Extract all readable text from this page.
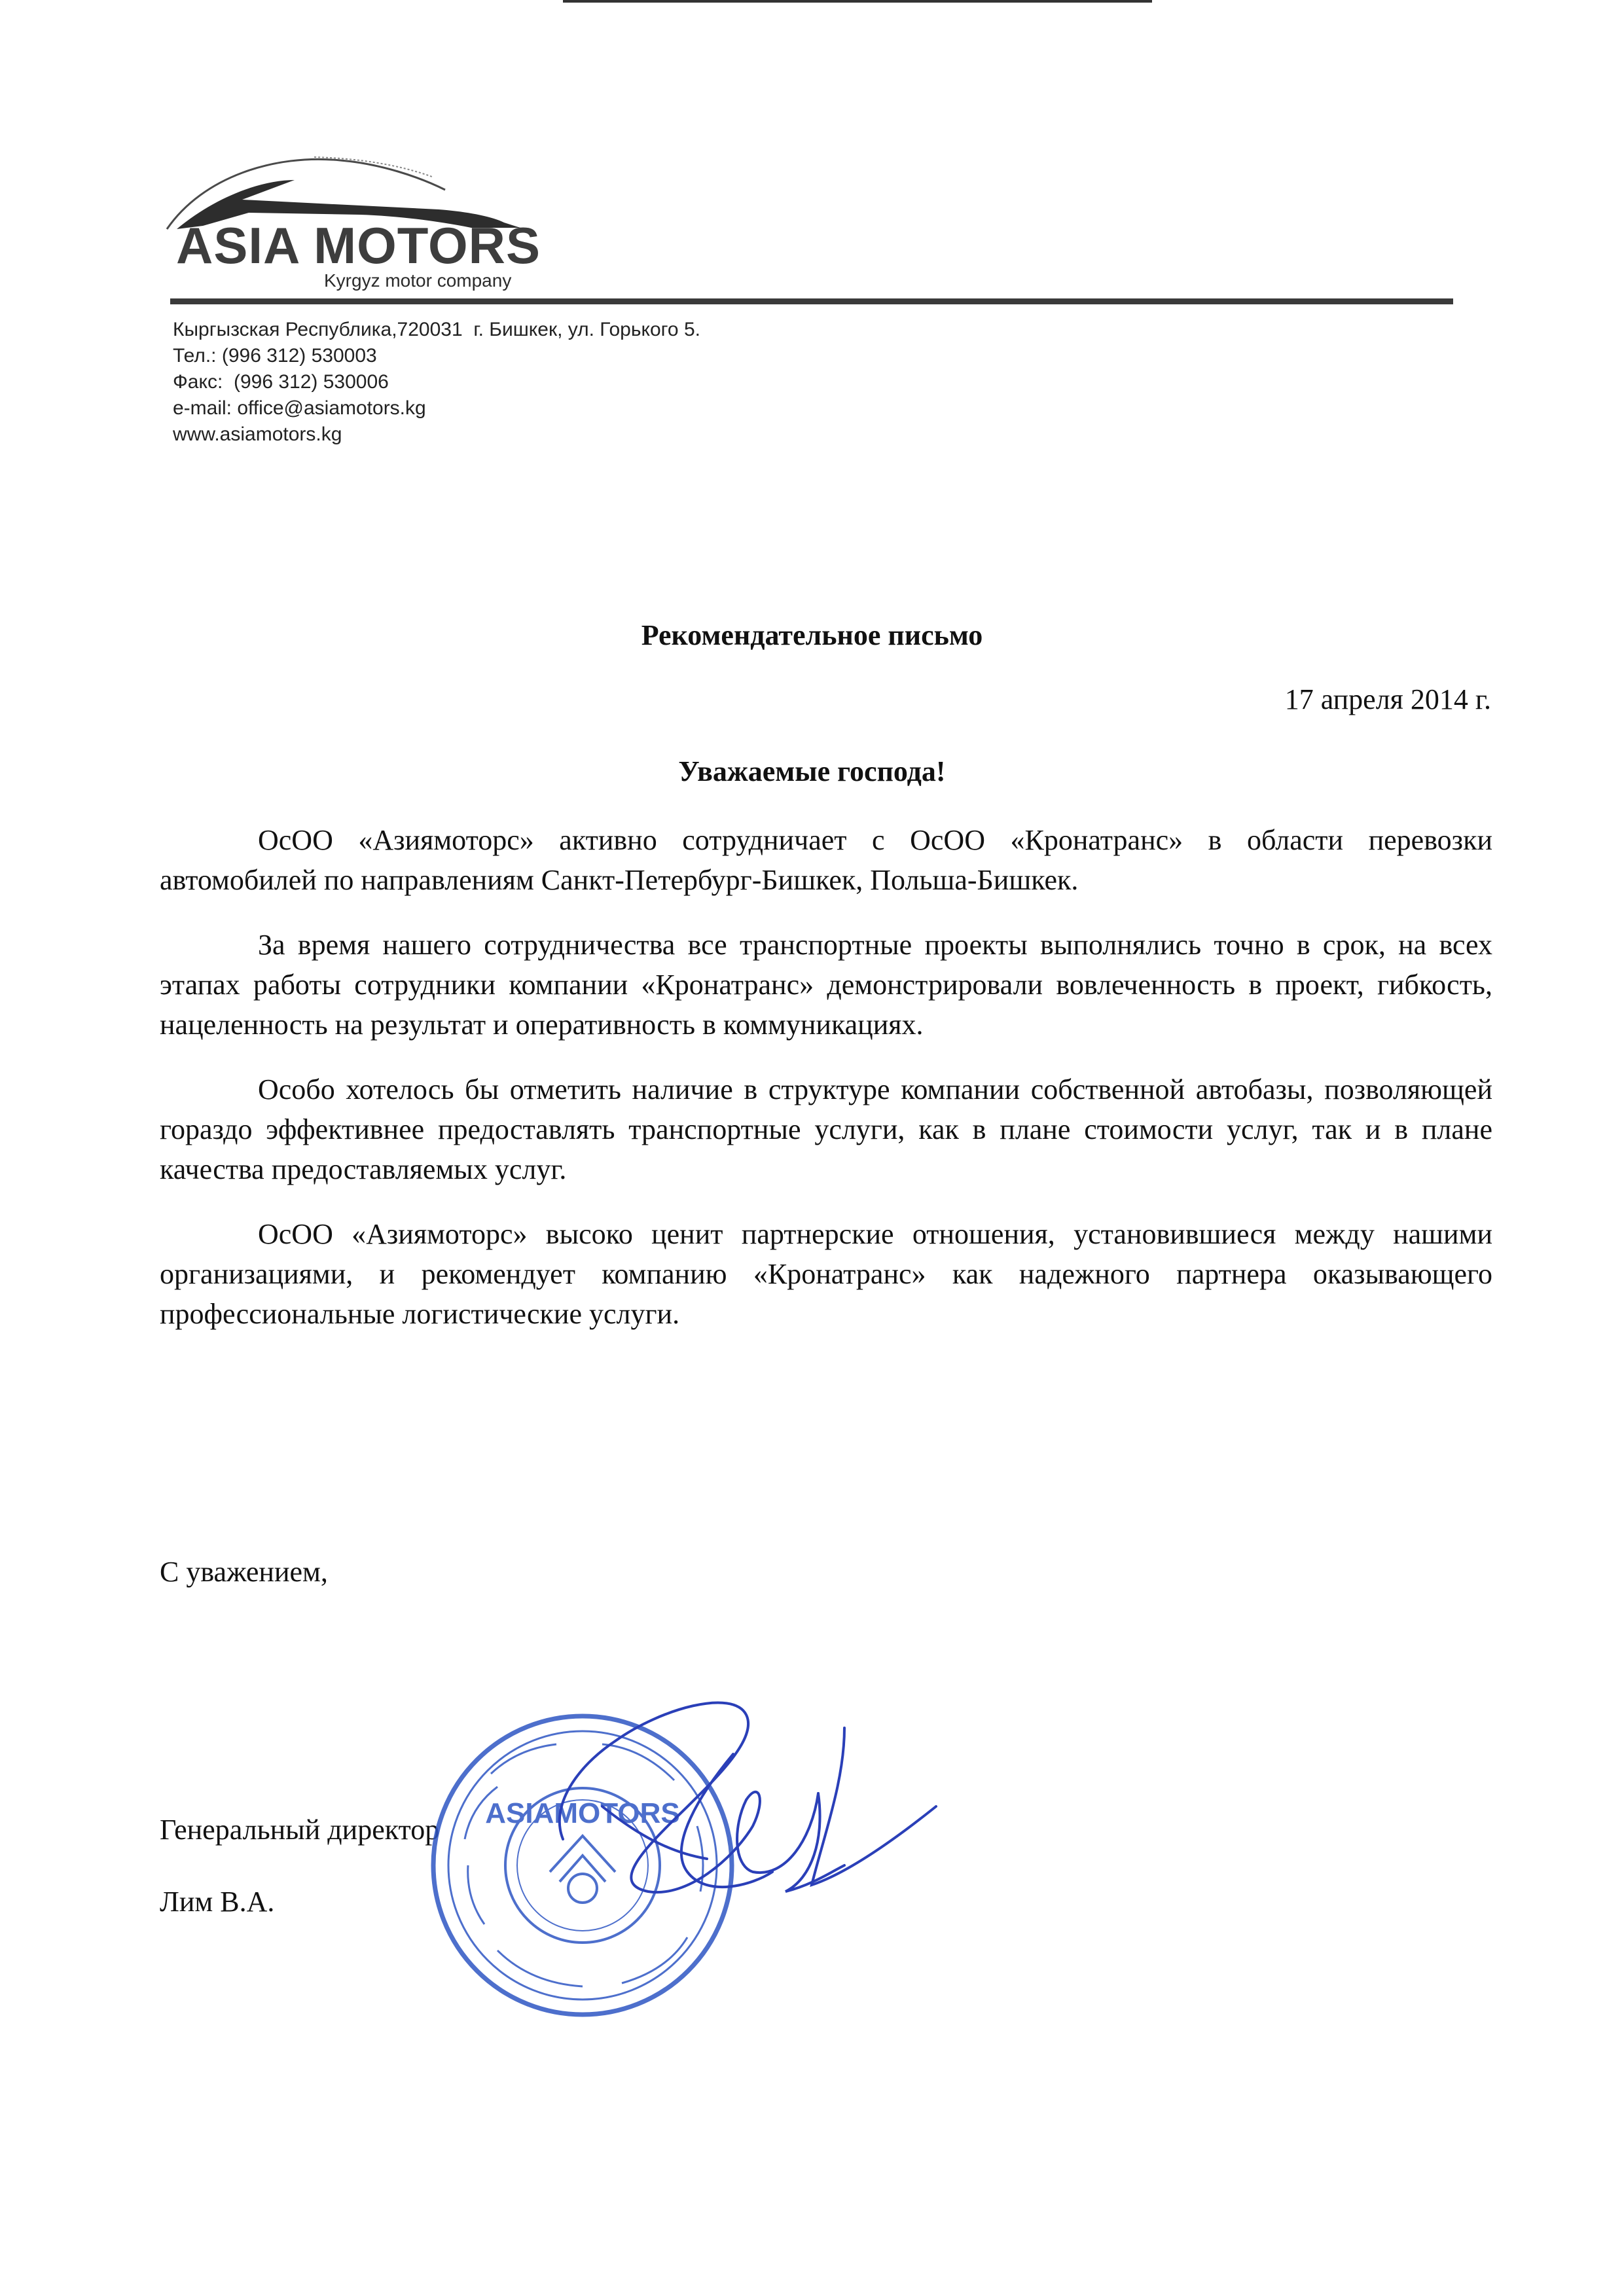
ASIA MOTORS
Kyrgyz motor company
Кыргызская Республика,720031  г. Бишкек, ул. Горького 5.
Тел.: (996 312) 530003
Факс:  (996 312) 530006
e-mail: office@asiamotors.kg
www.asiamotors.kg
Рекомендательное письмо
17 апреля 2014 г.
Уважаемые господа!

ОсОО «Азиямоторс» активно сотрудничает с ОсОО «Кронатранс» в области перевозки автомобилей по направлениям Санкт-Петербург-Бишкек, Польша-Бишкек.

За время нашего сотрудничества все транспортные проекты выполнялись точно в срок, на всех этапах работы сотрудники компании «Кронатранс» демонстрировали вовлеченность в проект, гибкость, нацеленность на результат и оперативность в коммуникациях.

Особо хотелось бы отметить наличие в структуре компании собственной автобазы, позволяющей гораздо эффективнее предоставлять транспортные услуги, как в плане стоимости услуг, так и в плане качества предоставляемых услуг.

ОсОО «Азиямоторс» высоко ценит партнерские отношения, установившиеся между нашими организациями, и рекомендует компанию «Кронатранс» как надежного партнера оказывающего профессиональные логистические услуги.

С уважением,
Генеральный директор
Лим В.А.
ASIAMOTORS
